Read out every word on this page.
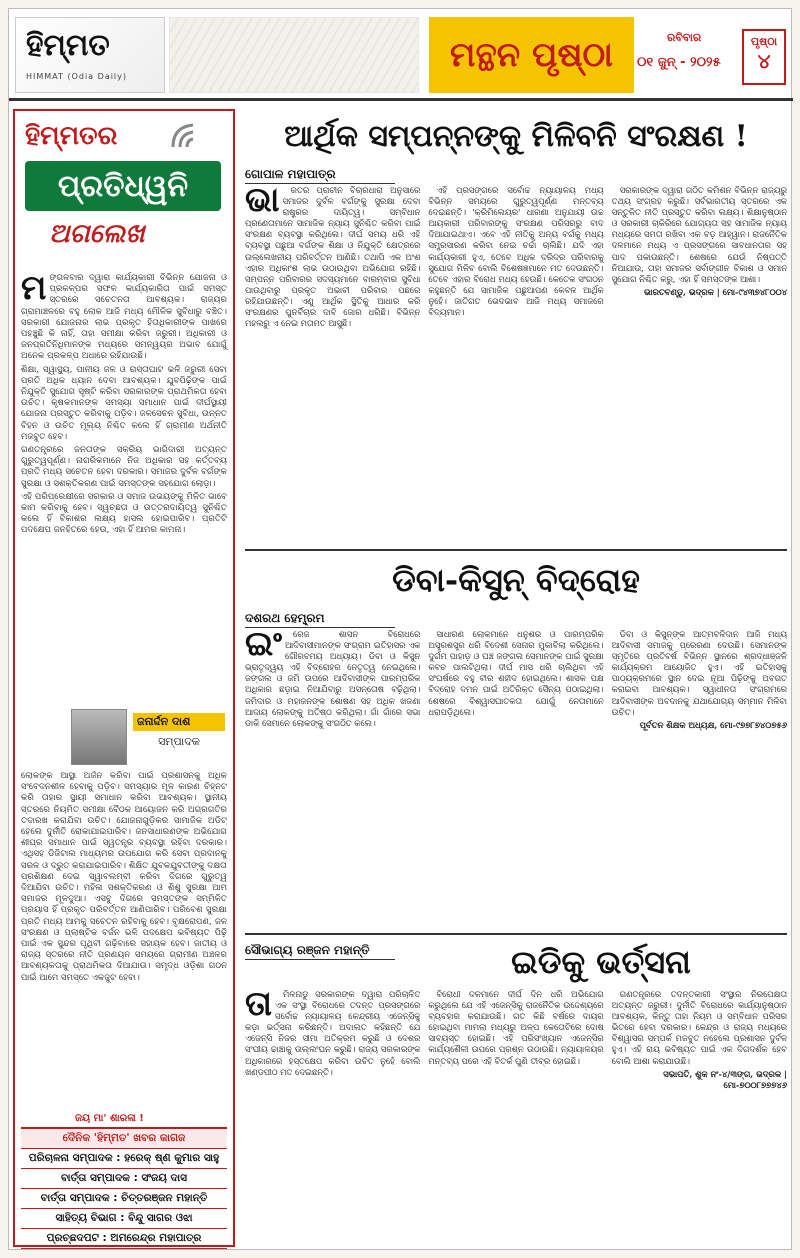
ହିମ୍ମତ
HIMMAT (Odia Daily)
ମନ୍ଥନ ପୃଷ୍ଠା	ରବିବାର
୦୧ ଜୁନ୍ - ୨୦୨୫
ପୃଷ୍ଠା
୪
ହିମ୍ମତର
ପ୍ରତିଧ୍ୱନି
ଅଗଲେଖ
ମ ଙ୍ଗଳବାର ଦ୍ୱାରା କାର୍ଯ୍ୟକାରୀ ବିଭିନ୍ନ ଯୋଜନା ଓ ପ୍ରକଳ୍ପର ସଫଳ କାର୍ଯ୍ୟକାରିତା ପାଇଁ ସମସ୍ତ ସ୍ତରରେ ସଚେତନତା ଆବଶ୍ୟକ। ରାଜ୍ୟର ଗ୍ରାମାଞ୍ଚଳରେ ବହୁ ଲୋକ ଆଜି ମଧ୍ୟ ମୌଳିକ ସୁବିଧାରୁ ବଞ୍ଚିତ। ସରକାରୀ ଯୋଜନାର ଲାଭ ପ୍ରକୃତ ହିତାଧିକାରୀଙ୍କ ପାଖରେ ପହଞ୍ଚୁଛି କି ନାହିଁ, ତାହା ସମୀକ୍ଷା କରିବା ଜରୁରୀ। ଅଧିକାରୀ ଓ ଜନପ୍ରତିନିଧିମାନଙ୍କ ମଧ୍ୟରେ ସମନ୍ୱୟର ଅଭାବ ଯୋଗୁଁ ଅନେକ ପ୍ରକଳ୍ପ ଅଧାରେ ରହିଯାଉଛି।

ଶିକ୍ଷା, ସ୍ୱାସ୍ଥ୍ୟ, ପାନୀୟ ଜଳ ଓ ରାସ୍ତାଘାଟ ଭଳି ଜରୁରୀ ସେବା ପ୍ରତି ଅଧିକ ଧ୍ୟାନ ଦେବା ଆବଶ୍ୟକ। ଯୁବପିଢ଼ିଙ୍କ ପାଇଁ ନିଯୁକ୍ତି ସୁଯୋଗ ସୃଷ୍ଟି କରିବା ସରକାରଙ୍କ ପ୍ରାଥମିକତା ହେବା ଉଚିତ। କୃଷକମାନଙ୍କ ସମସ୍ୟା ସମାଧାନ ପାଇଁ ଦୀର୍ଘସ୍ଥାୟୀ ଯୋଜନା ପ୍ରସ୍ତୁତ କରିବାକୁ ପଡ଼ିବ। ଜଳସେଚନ ସୁବିଧା, ଉନ୍ନତ ବିହନ ଓ ଉଚିତ ମୂଲ୍ୟ ନିଶ୍ଚିତ କଲେ ହିଁ ଗ୍ରାମୀଣ ଅର୍ଥନୀତି ମଜବୁତ ହେବ।

ଗଣତନ୍ତ୍ରରେ ଜନତାଙ୍କ ସକ୍ରିୟ ଭାଗିଦାରୀ ଅତ୍ୟନ୍ତ ଗୁରୁତ୍ୱପୂର୍ଣ୍ଣ। ନାଗରିକମାନେ ନିଜ ଅଧିକାର ସହ କର୍ତ୍ତବ୍ୟ ପ୍ରତି ମଧ୍ୟ ସଚେତନ ହେବା ଦରକାର। ସମାଜର ଦୁର୍ବଳ ବର୍ଗଙ୍କ ସୁରକ୍ଷା ଓ ସଶକ୍ତିକରଣ ପାଇଁ ସମସ୍ତଙ୍କ ସହଯୋଗ ଲୋଡ଼ା।

ଏହି ପରିପ୍ରେକ୍ଷୀରେ ସରକାର ଓ ସମାଜ ଉଭୟଙ୍କୁ ମିଳିତ ଭାବେ କାମ କରିବାକୁ ହେବ। ସ୍ୱଚ୍ଛତା ଓ ଉତ୍ତରଦାୟିତ୍ୱ ସୁନିଶ୍ଚିତ କଲେ ହିଁ ବିକାଶର ଲକ୍ଷ୍ୟ ହାସଲ ହୋଇପାରିବ। ପ୍ରତିଟି ପଦକ୍ଷେପ ଜନହିତରେ ହେଉ, ଏହା ହିଁ ଆମର କାମନା।

ଜନାର୍ଦ୍ଦନ ଦାଶ
ସମ୍ପାଦକ

ଲୋକଙ୍କ ଆସ୍ଥା ଅର୍ଜନ କରିବା ପାଇଁ ପ୍ରଶାସନକୁ ଅଧିକ ସଂବେଦନଶୀଳ ହେବାକୁ ପଡ଼ିବ। ସମସ୍ୟାର ମୂଳ କାରଣ ଚିହ୍ନଟ କରି ତାହାର ସ୍ଥାୟୀ ସମାଧାନ କରିବା ଆବଶ୍ୟକ। ସ୍ଥାନୀୟ ସ୍ତରରେ ନିୟମିତ ସମୀକ୍ଷା ବୈଠକ ଆୟୋଜନ କରି ଅଗ୍ରଗତିର ତଦାରଖ କରାଯିବା ଉଚିତ। ଯୋଜନାଗୁଡ଼ିକର ସାମାଜିକ ଅଡିଟ୍ ହେଲେ ଦୁର୍ନୀତି ରୋକାଯାଇପାରିବ। ଜନସାଧାରଣଙ୍କ ଅଭିଯୋଗ ଶୀଘ୍ର ସମାଧାନ ପାଇଁ ସ୍ୱତନ୍ତ୍ର ବ୍ୟବସ୍ଥା ରହିବା ଦରକାର। ଏଥିସହ ଡିଜିଟାଲ ମାଧ୍ୟମର ଉପଯୋଗ କରି ସେବା ପ୍ରଦାନକୁ ସରଳ ଓ ଦ୍ରୁତ କରାଯାଇପାରିବ। ଶିକ୍ଷିତ ଯୁବକଯୁବତୀଙ୍କୁ ଦକ୍ଷତା ପ୍ରଶିକ୍ଷଣ ଦେଇ ସ୍ୱାବଲମ୍ବୀ କରିବା ଦିଗରେ ଗୁରୁତ୍ୱ ଦିଆଯିବା ଉଚିତ। ମହିଳା ସଶକ୍ତିକରଣ ଓ ଶିଶୁ ସୁରକ୍ଷା ଆମ ସମାଜର ମୂଳଦୁଆ। ଏସବୁ ଦିଗରେ ସମସ୍ତଙ୍କ ସମ୍ମିଳିତ ପ୍ରୟାସ ହିଁ ପ୍ରକୃତ ପରିବର୍ତ୍ତନ ଆଣିପାରିବ। ପରିବେଶ ସୁରକ୍ଷା ପ୍ରତି ମଧ୍ୟ ଆମକୁ ସଚେତନ ରହିବାକୁ ହେବ। ବୃକ୍ଷରୋପଣ, ଜଳ ସଂରକ୍ଷଣ ଓ ପ୍ଲାଷ୍ଟିକ ବର୍ଜନ ଭଳି ପଦକ୍ଷେପ ଭବିଷ୍ୟତ ପିଢ଼ି ପାଇଁ ଏକ ସୁନ୍ଦର ପୃଥିବୀ ଗଢ଼ିବାରେ ସହାୟକ ହେବ। ଜାତୀୟ ଓ ରାଜ୍ୟ ସ୍ତରରେ ନୀତି ପ୍ରଣୟନ ସମୟରେ ଗ୍ରାମୀଣ ଅଞ୍ଚଳର ଆବଶ୍ୟକତାକୁ ପ୍ରାଥମିକତା ଦିଆଯାଉ। ସମୃଦ୍ଧ ଓଡ଼ିଶା ଗଠନ ପାଇଁ ଆମେ ସମସ୍ତେ ଏକଜୁଟ ହେବା।

ଜୟ ମା' ଶାରଳା !
ଦୈନିକ 'ହିମ୍ମତ' ଖବର କାଗଜ
ପରିଚାଳନା ସମ୍ପାଦକ : ହରେକ୍ ଷ୍ଣ କୁମାର ସାହୁ
ବାର୍ତ୍ତା ସମ୍ପାଦକ : ସଂଜୟ ଦାସ
ବାର୍ତ୍ତା ସମ୍ପାଦକ : ଚିତ୍ତରଞ୍ଜନ ମହାନ୍ତି
ସାହିତ୍ୟ ବିଭାଗ : ବିନ୍ଦୁ ସାଗର ଓଝା
ପ୍ରଚ୍ଛଦପଟ : ଅମରେନ୍ଦ୍ର ମହାପାତ୍ର
ଆର୍ଥିକ ସମ୍ପନ୍ନଙ୍କୁ ମିଳିବନି ସଂରକ୍ଷଣ !
ଗୋପାଳ ମହାପାତ୍ର
ଭା	ରତର ପ୍ରାଚୀନ ବିଚାରଧାରା ଅନୁସାରେ ସମାଜର ଦୁର୍ବଳ ବର୍ଗଙ୍କୁ ସୁରକ୍ଷା ଦେବା ରାଷ୍ଟ୍ରର ଦାୟିତ୍ୱ। ସମ୍ବିଧାନ ପ୍ରଣେତାମାନେ ସାମାଜିକ ନ୍ୟାୟ ସୁନିଶ୍ଚିତ କରିବା ପାଇଁ ସଂରକ୍ଷଣ ବ୍ୟବସ୍ଥା କରିଥିଲେ। ଦୀର୍ଘ ସମୟ ଧରି ଏହି ବ୍ୟବସ୍ଥା ପଛୁଆ ବର୍ଗଙ୍କ ଶିକ୍ଷା ଓ ନିଯୁକ୍ତି କ୍ଷେତ୍ରରେ ଉଲ୍ଲେଖନୀୟ ପରିବର୍ତ୍ତନ ଆଣିଛି। ତଥାପି ଏକ ଅଂଶ ଏହାର ଅଧିକାଂଶ ଲାଭ ଉଠାଉଥିବା ଅଭିଯୋଗ ରହିଛି। ସମ୍ପନ୍ନ ପରିବାରର ସଦସ୍ୟମାନେ ବାରମ୍ବାର ସୁବିଧା ପାଉଥିବାରୁ ପ୍ରକୃତ ଅଭାବୀ ପରିବାର ପଛରେ ରହିଯାଉଛନ୍ତି। ଏଣୁ ଆର୍ଥିକ ସ୍ଥିତିକୁ ଆଧାର କରି ସଂରକ୍ଷଣର ପୁନର୍ବିଚାର ଦାବି ଜୋର ଧରିଛି। ବିଭିନ୍ନ ମହଲରୁ ଏ ନେଇ ମତାମତ ଆସୁଛି।

ଏହି ପ୍ରସଙ୍ଗରେ ସର୍ବୋଚ୍ଚ ନ୍ୟାୟାଳୟ ମଧ୍ୟ ବିଭିନ୍ନ ସମୟରେ ଗୁରୁତ୍ୱପୂର୍ଣ୍ଣ ମନ୍ତବ୍ୟ ଦେଇଛନ୍ତି। 'କ୍ରିମିଲେୟର' ଧାରଣା ଅନୁଯାୟୀ ଉଚ୍ଚ ଆୟକାରୀ ପରିବାରଙ୍କୁ ସଂରକ୍ଷଣ ପରିସରରୁ ବାଦ ଦିଆଯାଇଥାଏ। ଏବେ ଏହି ନୀତିକୁ ଅନ୍ୟ ବର୍ଗକୁ ମଧ୍ୟ ସମ୍ପ୍ରସାରଣ କରିବା ନେଇ ଚର୍ଚ୍ଚା ଚାଲିଛି। ଯଦି ଏହା କାର୍ଯ୍ୟକାରୀ ହୁଏ, ତେବେ ଅଧିକ ଦରିଦ୍ର ପରିବାରକୁ ସୁଯୋଗ ମିଳିବ ବୋଲି ବିଶେଷଜ୍ଞମାନେ ମତ ଦେଉଛନ୍ତି। ତେବେ ଏହାର ବିରୋଧ ମଧ୍ୟ ହେଉଛି। କେତେକ ସଂଗଠନ କହୁଛନ୍ତି ଯେ ସାମାଜିକ ପଛୁଆପଣ କେବଳ ଆର୍ଥିକ ନୁହେଁ। ଜାତିଗତ ଭେଦଭାବ ଆଜି ମଧ୍ୟ ସମାଜରେ ବିଦ୍ୟମାନ।

ସରକାରଙ୍କ ଦ୍ୱାରା ଗଠିତ କମିଶନ ବିଭିନ୍ନ ରାଜ୍ୟରୁ ତଥ୍ୟ ସଂଗ୍ରହ କରୁଛି। ସର୍ବଭାରତୀୟ ସ୍ତରରେ ଏକ ସନ୍ତୁଳିତ ନୀତି ପ୍ରସ୍ତୁତ କରିବା ଲକ୍ଷ୍ୟ। ଶିକ୍ଷାନୁଷ୍ଠାନ ଓ ସରକାରୀ ଚାକିରିରେ ଯୋଗ୍ୟତା ସହ ସାମାଜିକ ନ୍ୟାୟ ମଧ୍ୟରେ ସମତା ରଖିବା ଏକ ବଡ଼ ଆହ୍ୱାନ। ରାଜନୈତିକ ଦଳମାନେ ମଧ୍ୟ ଏ ପ୍ରସଙ୍ଗରେ ସାବଧାନତାର ସହ ପାଦ ପକାଉଛନ୍ତି। ଶେଷରେ ଯେଉଁ ନିଷ୍ପତ୍ତି ନିଆଯାଉ, ତାହା ସମାଜର ସର୍ବାଙ୍ଗୀନ ବିକାଶ ଓ ସମାନ ସୁଯୋଗ ନିଶ୍ଚିତ କରୁ, ଏହା ହିଁ ସମସ୍ତଙ୍କ ଆଶା।

ଭାରତବଣ୍ଡୁ, ଭଦ୍ରକ | ମୋ-୯୪୩୭୪୮୦୦୪
ଡିବା-କିସୁନ୍ ବିଦ୍ରୋହ
ଦଶରଥ ହେମ୍ବ୍ରମ
ଇଂ	ରେଜ ଶାସନ ବିରୋଧରେ ଆଦିବାସୀମାନଙ୍କ ସଂଗ୍ରାମ ଇତିହାସର ଏକ ଗୌରବମୟ ଅଧ୍ୟାୟ। ଡିବା ଓ କିସୁନ୍ ଭ୍ରାତୃଦ୍ୱୟ ଏହି ବିଦ୍ରୋହର ନେତୃତ୍ୱ ନେଇଥିଲେ। ଜଙ୍ଗଲ ଓ ଜମି ଉପରେ ଆଦିବାସୀଙ୍କ ପାରମ୍ପରିକ ଅଧିକାର ଛଡ଼ାଇ ନିଆଯିବାରୁ ଅସନ୍ତୋଷ ବଢ଼ିଥିଲା। ଜମିଦାର ଓ ମହାଜନଙ୍କ ଶୋଷଣ ସହ ଅଧିକ ଖଜଣା ଆଦାୟ ଲୋକଙ୍କୁ ଅତିଷ୍ଠ କରିଥିଲା। ଗାଁ ଗାଁରେ ସଭା ଡାକି ସେମାନେ ଲୋକଙ୍କୁ ସଂଗଠିତ କଲେ।

ସାଧାରଣ ଲୋକମାନେ ଧନୁଶର ଓ ପାରମ୍ପରିକ ଅସ୍ତ୍ରଶସ୍ତ୍ର ଧରି ବିଦେଶୀ ସେନାର ମୁକାବିଲା କରିଥିଲେ। ଦୁର୍ଗମ ପାହାଡ଼ ଓ ଘଞ୍ଚ ଜଙ୍ଗଲ ସେମାନଙ୍କ ପାଇଁ ସୁରକ୍ଷା କବଚ ପାଲଟିଥିଲା। ଦୀର୍ଘ ମାସ ଧରି ଚାଲିଥିବା ଏହି ସଂଘର୍ଷରେ ବହୁ ବୀର ଶହୀଦ ହୋଇଥିଲେ। ଶାସକ ପକ୍ଷ ବିଦ୍ରୋହ ଦମନ ପାଇଁ ଅତିରିକ୍ତ ସୈନ୍ୟ ପଠାଇଥିଲା। ଶେଷରେ ବିଶ୍ୱାସଘାତକତା ଯୋଗୁଁ ନେତାମାନେ ଧରାପଡ଼ିଥିଲେ।

ଡିବା ଓ କିସୁନ୍‌ଙ୍କ ଆତ୍ମବଳିଦାନ ଆଜି ମଧ୍ୟ ଆଦିବାସୀ ସମାଜକୁ ପ୍ରେରଣା ଦେଉଛି। ସେମାନଙ୍କ ସ୍ମୃତିରେ ପ୍ରତିବର୍ଷ ବିଭିନ୍ନ ସ୍ଥାନରେ ଶ୍ରଦ୍ଧାଞ୍ଜଳି କାର୍ଯ୍ୟକ୍ରମ ଆୟୋଜିତ ହୁଏ। ଏହି ଇତିହାସକୁ ପାଠ୍ୟକ୍ରମରେ ସ୍ଥାନ ଦେଇ ନୂଆ ପିଢ଼ିଙ୍କୁ ଅବଗତ କରାଇବା ଆବଶ୍ୟକ। ସ୍ୱାଧୀନତା ସଂଗ୍ରାମରେ ଆଦିବାସୀଙ୍କ ଅବଦାନକୁ ଯଥାଯୋଗ୍ୟ ସମ୍ମାନ ମିଳିବା ଉଚିତ।

ପୂର୍ବତନ ଶିକ୍ଷକ ଅଧ୍ୟକ୍ଷ, ମୋ-୯୭୭୮୭୪୦୭୫୬
ସୌଭାଗ୍ୟ ରଞ୍ଜନ ମହାନ୍ତି	ଇଡିକୁ ଭର୍ତ୍ସନା
ତା	ମିଳନାଡୁ ସରକାରଙ୍କ ଦ୍ୱାରା ପରିଚାଳିତ ଏକ ସଂସ୍ଥା ବିରୋଧରେ ତଦନ୍ତ ପ୍ରସଙ୍ଗରେ ସର୍ବୋଚ୍ଚ ନ୍ୟାୟାଳୟ କେନ୍ଦ୍ରୀୟ ଏଜେନ୍ସିକୁ କଡ଼ା ଭର୍ତ୍ସନା କରିଛନ୍ତି। ଅଦାଲତ କହିଛନ୍ତି ଯେ ଏଜେନ୍ସି ନିଜର ସୀମା ଅତିକ୍ରମ କରୁଛି ଓ ଦେଶର ସଂଘୀୟ ଢାଞ୍ଚାକୁ ଉଲ୍ଲଂଘନ କରୁଛି। ରାଜ୍ୟ ସରକାରଙ୍କ ଅଧିକାରରେ ହସ୍ତକ୍ଷେପ କରିବା ଉଚିତ ନୁହେଁ ବୋଲି ଖଣ୍ଡପୀଠ ମତ ଦେଇଛନ୍ତି।

ବିରୋଧୀ ଦଳମାନେ ଦୀର୍ଘ ଦିନ ଧରି ଅଭିଯୋଗ କରୁଥିଲେ ଯେ ଏହି ଏଜେନ୍ସିକୁ ରାଜନୈତିକ ଉଦ୍ଦେଶ୍ୟରେ ବ୍ୟବହାର କରାଯାଉଛି। ଗତ କିଛି ବର୍ଷରେ ଦାୟର ହୋଇଥିବା ମାମଲା ମଧ୍ୟରୁ ଅଳ୍ପ କେତୋଟିରେ ଦୋଷ ସାବ୍ୟସ୍ତ ହୋଇଛି। ଏହି ପରିସଂଖ୍ୟାନ ଏଜେନ୍ସିର କାର୍ଯ୍ୟଶୈଳୀ ଉପରେ ପ୍ରଶ୍ନ ଉଠାଉଛି। ନ୍ୟାୟାଳୟର ମନ୍ତବ୍ୟ ପରେ ଏହି ବିତର୍କ ପୁଣି ତୀବ୍ର ହୋଇଛି।

ଗଣତନ୍ତ୍ରରେ ତଦନ୍ତକାରୀ ସଂସ୍ଥାର ନିରପେକ୍ଷତା ଅତ୍ୟନ୍ତ ଜରୁରୀ। ଦୁର୍ନୀତି ବିରୋଧରେ କାର୍ଯ୍ୟାନୁଷ୍ଠାନ ଆବଶ୍ୟକ, କିନ୍ତୁ ତାହା ନିୟମ ଓ ସମ୍ବିଧାନ ପରିସର ଭିତରେ ହେବା ଦରକାର। କେନ୍ଦ୍ର ଓ ରାଜ୍ୟ ମଧ୍ୟରେ ବିଶ୍ୱାସର ସମ୍ପର୍କ ମଜବୁତ ନହେଲେ ପ୍ରଶାସନ ଦୁର୍ବଳ ହୁଏ। ଏହି ରାୟ ଭବିଷ୍ୟତ ପାଇଁ ଏକ ଦିଗଦର୍ଶକ ହେବ ବୋଲି ଆଶା କରାଯାଉଛି।

ସଭାପତି, ଶୁକ ନଂ-୪/୩ଙ୍ଗ, ଭଦ୍ରକ | ମୋ-୭୦୦୮୭୭୭୪୬
